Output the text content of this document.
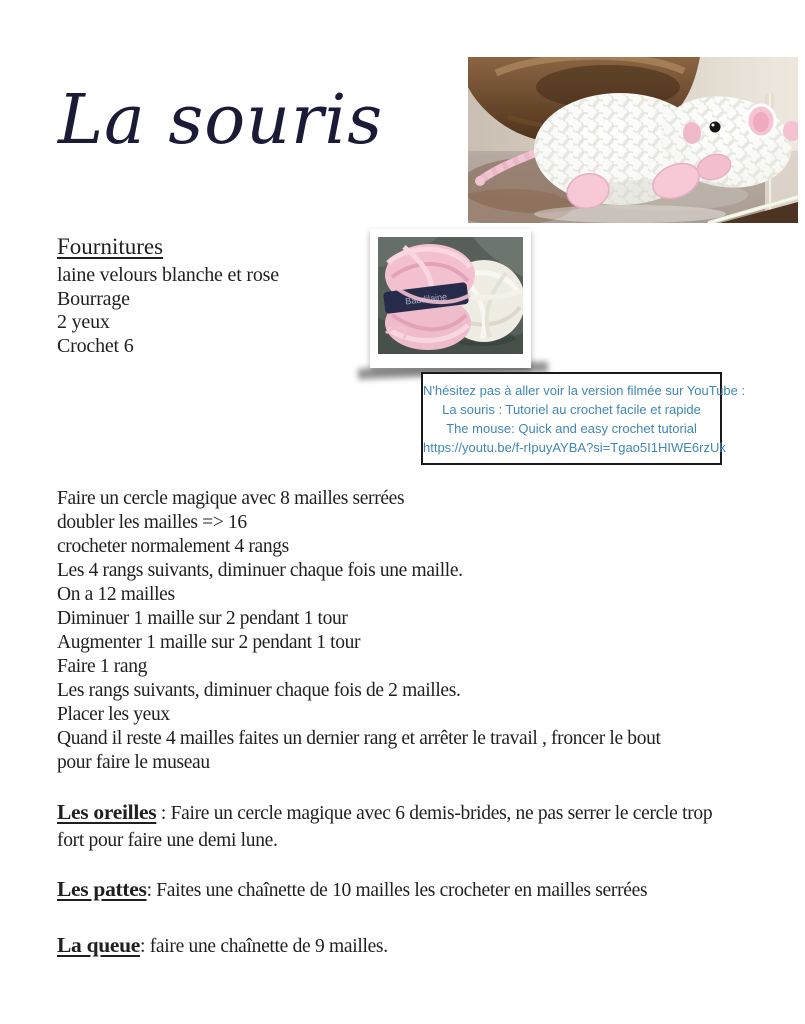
La souris
Fournitures
laine velours blanche et rose
Bourrage
2 yeux
Crochet 6
Baudilaine
N'hésitez pas à aller voir la version filmée sur YouTube :
La souris : Tutoriel au crochet facile et rapide
The mouse: Quick and easy crochet tutorial
https://youtu.be/f-rIpuyAYBA?si=Tgao5I1HIWE6rzUk
Faire un cercle magique avec 8 mailles serrées
doubler les mailles => 16
crocheter normalement 4 rangs
Les 4 rangs suivants, diminuer chaque fois une maille.
On a 12 mailles
Diminuer 1 maille sur 2 pendant 1 tour
Augmenter 1 maille sur 2 pendant 1 tour
Faire 1 rang
Les rangs suivants, diminuer chaque fois de 2 mailles.
Placer les yeux
Quand il reste 4 mailles faites un dernier rang et arrêter le travail , froncer le bout
pour faire le museau
Les oreilles : Faire un cercle magique avec 6 demis-brides, ne pas serrer le cercle trop fort pour faire une demi lune.
Les pattes: Faites une chaînette de 10 mailles les crocheter en mailles serrées
La queue: faire une chaînette de 9 mailles.
